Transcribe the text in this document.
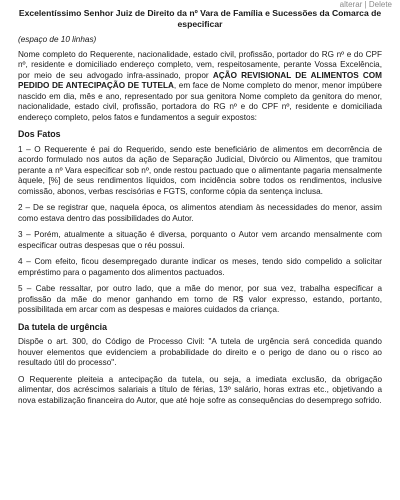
alterar | Delete
Excelentíssimo Senhor Juiz de Direito da nº Vara de Família e Sucessões da Comarca de especificar
(espaço de 10 linhas)

Nome completo do Requerente, nacionalidade, estado civil, profissão, portador do RG nº e do CPF nº, residente e domiciliado endereço completo, vem, respeitosamente, perante Vossa Excelência, por meio de seu advogado infra-assinado, propor AÇÃO REVISIONAL DE ALIMENTOS COM PEDIDO DE ANTECIPAÇÃO DE TUTELA, em face de Nome completo do menor, menor impúbere nascido em dia, mês e ano, representado por sua genitora Nome completo da genitora do menor, nacionalidade, estado civil, profissão, portadora do RG nº e do CPF nº, residente e domiciliada endereço completo, pelos fatos e fundamentos a seguir expostos:

Dos Fatos

1 – O Requerente é pai do Requerido, sendo este beneficiário de alimentos em decorrência de acordo formulado nos autos da ação de Separação Judicial, Divórcio ou Alimentos, que tramitou perante a nº Vara especificar sob nº, onde restou pactuado que o alimentante pagaria mensalmente àquele, [%] de seus rendimentos líquidos, com incidência sobre todos os rendimentos, inclusive comissão, abonos, verbas rescisórias e FGTS, conforme cópia da sentença inclusa.

2 – De se registrar que, naquela época, os alimentos atendiam às necessidades do menor, assim como estava dentro das possibilidades do Autor.

3 – Porém, atualmente a situação é diversa, porquanto o Autor vem arcando mensalmente com especificar outras despesas que o réu possui.

4 – Com efeito, ficou desempregado durante indicar os meses, tendo sido compelido a solicitar empréstimo para o pagamento dos alimentos pactuados.

5 – Cabe ressaltar, por outro lado, que a mãe do menor, por sua vez, trabalha especificar a profissão da mãe do menor ganhando em torno de R$ valor expresso, estando, portanto, possibilitada em arcar com as despesas e maiores cuidados da criança.

Da tutela de urgência

Dispõe o art. 300, do Código de Processo Civil: "A tutela de urgência será concedida quando houver elementos que evidenciem a probabilidade do direito e o perigo de dano ou o risco ao resultado útil do processo".

O Requerente pleiteia a antecipação da tutela, ou seja, a imediata exclusão, da obrigação alimentar, dos acréscimos salariais a título de férias, 13º salário, horas extras etc., objetivando a nova estabilização financeira do Autor, que até hoje sofre as consequências do desemprego sofrido.
